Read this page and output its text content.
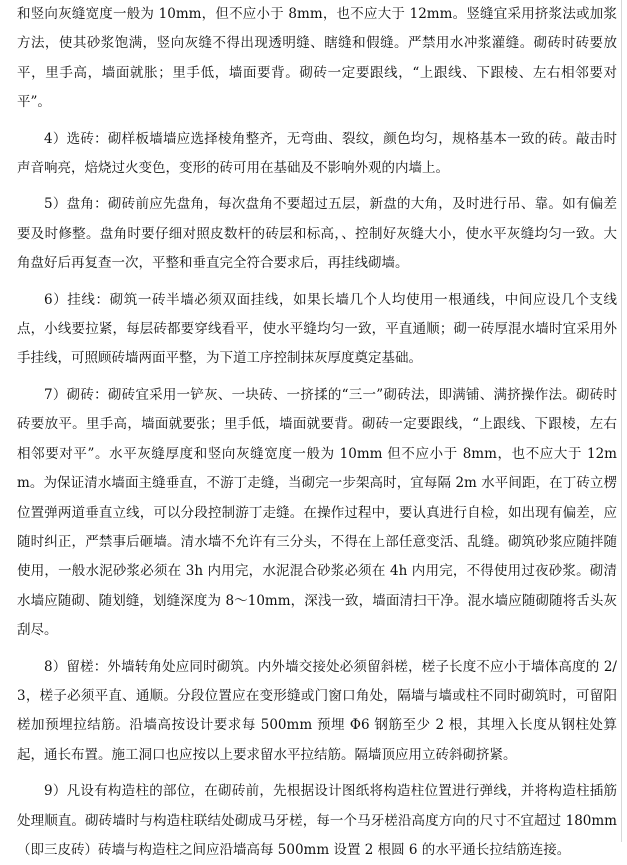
和竖向灰缝宽度一般为 10mm，但不应小于 8mm，也不应大于 12mm。竖缝宜采用挤浆法或加浆方法，使其砂浆饱满，竖向灰缝不得出现透明缝、瞎缝和假缝。严禁用水冲浆灌缝。砌砖时砖要放平，里手高，墙面就胀；里手低，墙面要背。砌砖一定要跟线，“上跟线、下跟棱、左右相邻要对平”。

4）选砖：砌样板墙墙应选择棱角整齐，无弯曲、裂纹，颜色均匀，规格基本一致的砖。敲击时声音响亮，焙烧过火变色，变形的砖可用在基础及不影响外观的内墙上。

5）盘角：砌砖前应先盘角，每次盘角不要超过五层，新盘的大角，及时进行吊、靠。如有偏差要及时修整。盘角时要仔细对照皮数杆的砖层和标高，、控制好灰缝大小，使水平灰缝均匀一致。大角盘好后再复查一次，平整和垂直完全符合要求后，再挂线砌墙。

6）挂线：砌筑一砖半墙必须双面挂线，如果长墙几个人均使用一根通线，中间应设几个支线点，小线要拉紧，每层砖都要穿线看平，使水平缝均匀一致，平直通顺；砌一砖厚混水墙时宜采用外手挂线，可照顾砖墙两面平整，为下道工序控制抹灰厚度奠定基础。

7）砌砖：砌砖宜采用一铲灰、一块砖、一挤揉的“三一”砌砖法，即满铺、满挤操作法。砌砖时砖要放平。里手高，墙面就要张；里手低，墙面就要背。砌砖一定要跟线，“上跟线、下跟棱，左右相邻要对平”。水平灰缝厚度和竖向灰缝宽度一般为 10mm 但不应小于 8mm，也不应大于 12mm。为保证清水墙面主缝垂直，不游丁走缝，当砌完一步架高时，宜每隔 2m 水平间距，在丁砖立楞位置弹两道垂直立线，可以分段控制游丁走缝。在操作过程中，要认真进行自检，如出现有偏差，应随时纠正，严禁事后砸墙。清水墙不允许有三分头，不得在上部任意变活、乱缝。砌筑砂浆应随拌随使用，一般水泥砂浆必须在 3h 内用完，水泥混合砂浆必须在 4h 内用完，不得使用过夜砂浆。砌清水墙应随砌、随划缝，划缝深度为 8～10mm，深浅一致，墙面清扫干净。混水墙应随砌随将舌头灰刮尽。

8）留槎：外墙转角处应同时砌筑。内外墙交接处必须留斜槎，槎子长度不应小于墙体高度的 2/3，槎子必须平直、通顺。分段位置应在变形缝或门窗口角处，隔墙与墙或柱不同时砌筑时，可留阳槎加预埋拉结筋。沿墙高按设计要求每 500mm 预埋 Φ6 钢筋至少 2 根，其埋入长度从钢柱处算起，通长布置。施工洞口也应按以上要求留水平拉结筋。隔墙顶应用立砖斜砌挤紧。

9）凡设有构造柱的部位，在砌砖前，先根据设计图纸将构造柱位置进行弹线，并将构造柱插筋处理顺直。砌砖墙时与构造柱联结处砌成马牙槎，每一个马牙槎沿高度方向的尺寸不宜超过 180mm（即三皮砖）砖墙与构造柱之间应沿墙高每 500mm 设置 2 根圆 6 的水平通长拉结筋连接。
